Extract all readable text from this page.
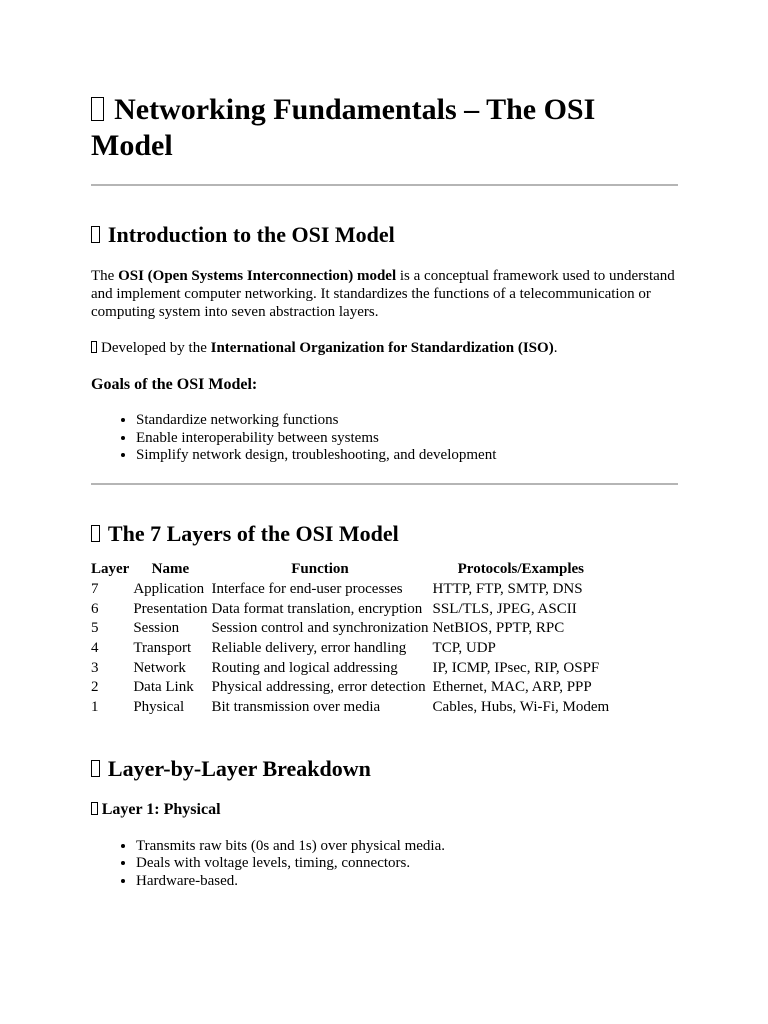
Networking Fundamentals – The OSI Model
Introduction to the OSI Model

The OSI (Open Systems Interconnection) model is a conceptual framework used to understand and implement computer networking. It standardizes the functions of a telecommunication or computing system into seven abstraction layers.

Developed by the International Organization for Standardization (ISO).

Goals of the OSI Model:
• Standardize networking functions
• Enable interoperability between systems
• Simplify network design, troubleshooting, and development
The 7 Layers of the OSI Model
Layer	Name	Function	Protocols/Examples
7	Application	Interface for end-user processes	HTTP, FTP, SMTP, DNS
6	Presentation	Data format translation, encryption	SSL/TLS, JPEG, ASCII
5	Session	Session control and synchronization	NetBIOS, PPTP, RPC
4	Transport	Reliable delivery, error handling	TCP, UDP
3	Network	Routing and logical addressing	IP, ICMP, IPsec, RIP, OSPF
2	Data Link	Physical addressing, error detection	Ethernet, MAC, ARP, PPP
1	Physical	Bit transmission over media	Cables, Hubs, Wi-Fi, Modem
Layer-by-Layer Breakdown
Layer 1: Physical
• Transmits raw bits (0s and 1s) over physical media.
• Deals with voltage levels, timing, connectors.
• Hardware-based.
